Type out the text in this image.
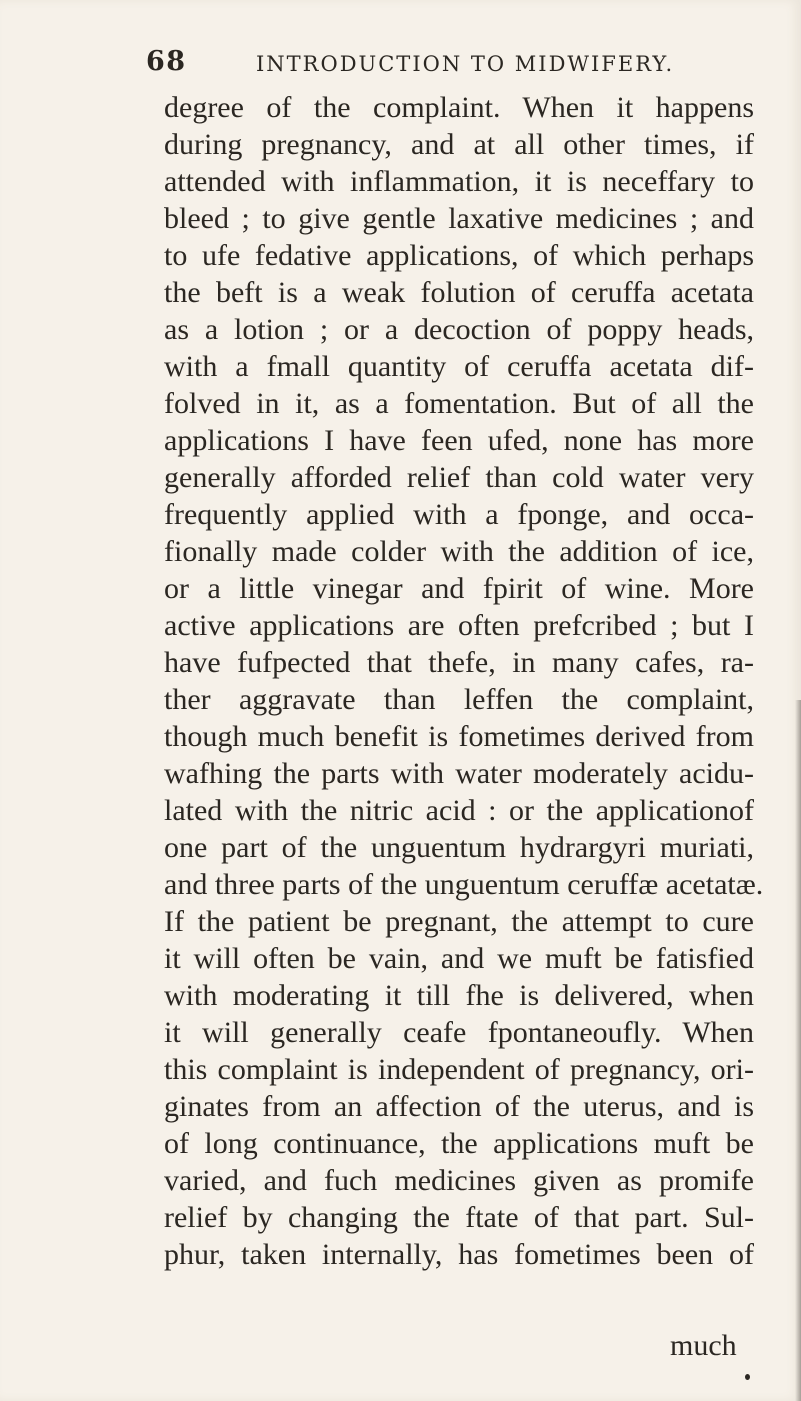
68	INTRODUCTION TO MIDWIFERY.
degree of the complaint. When it happens
during pregnancy, and at all other times, if
attended with inflammation, it is neceffary to
bleed ; to give gentle laxative medicines ; and
to ufe fedative applications, of which perhaps
the beft is a weak folution of ceruffa acetata
as a lotion ; or a decoction of poppy heads,
with a fmall quantity of ceruffa acetata dif-
folved in it, as a fomentation. But of all the
applications I have feen ufed, none has more
generally afforded relief than cold water very
frequently applied with a fponge, and occa-
fionally made colder with the addition of ice,
or a little vinegar and fpirit of wine. More
active applications are often prefcribed ; but I
have fufpected that thefe, in many cafes, ra-
ther aggravate than leffen the complaint,
though much benefit is fometimes derived from
wafhing the parts with water moderately acidu-
lated with the nitric acid : or the applicationof
one part of the unguentum hydrargyri muriati,
and three parts of the unguentum ceruffæ acetatæ.
If the patient be pregnant, the attempt to cure
it will often be vain, and we muft be fatisfied
with moderating it till fhe is delivered, when
it will generally ceafe fpontaneoufly. When
this complaint is independent of pregnancy, ori-
ginates from an affection of the uterus, and is
of long continuance, the applications muft be
varied, and fuch medicines given as promife
relief by changing the ftate of that part. Sul-
phur, taken internally, has fometimes been of
much
